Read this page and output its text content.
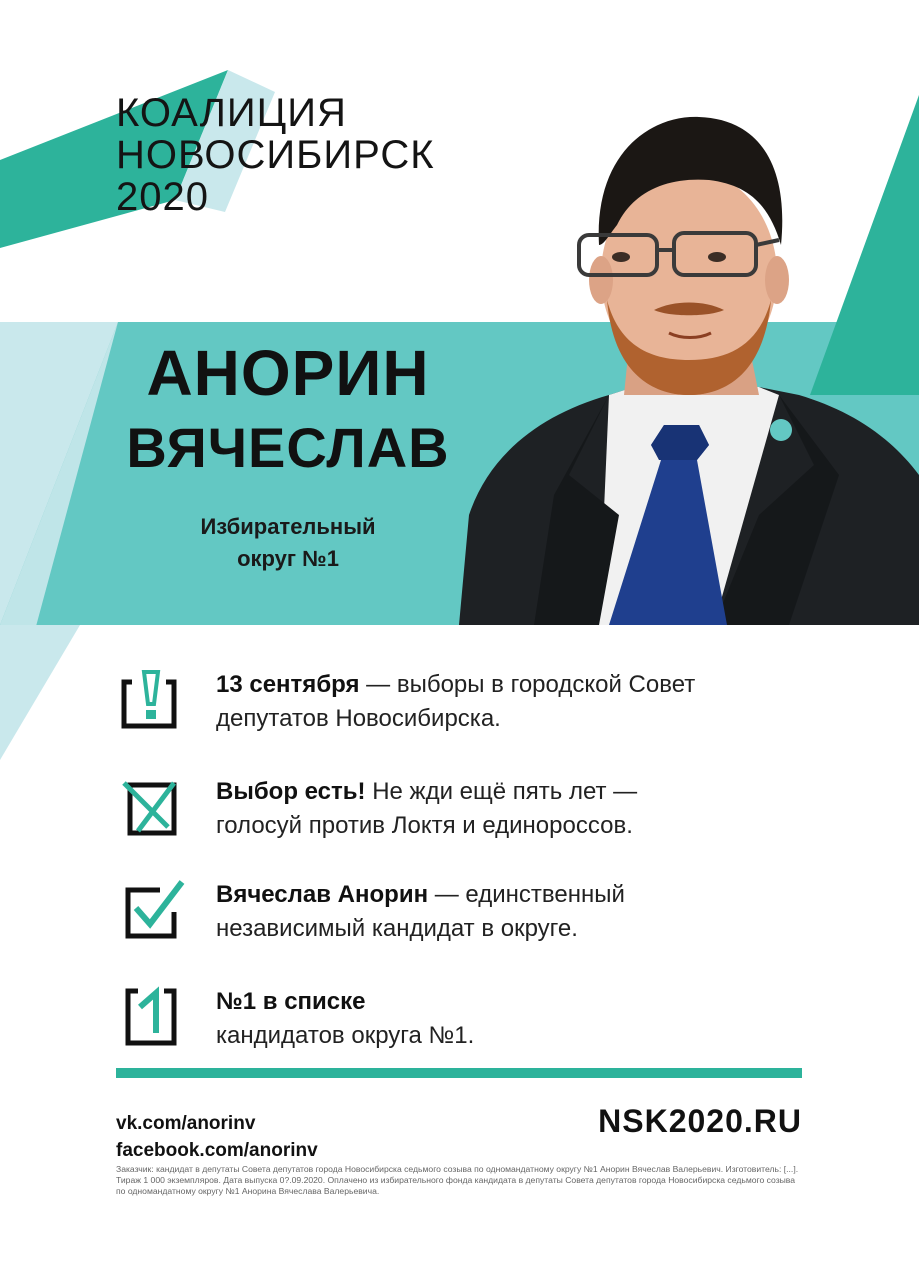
КОАЛИЦИЯ
НОВОСИБИРСК
2020
АНОРИН
ВЯЧЕСЛАВ
Избирательный
округ №1
13 сентября — выборы в городской Совет
депутатов Новосибирска.
Выбор есть! Не жди ещё пять лет —
голосуй против Локтя и единороссов.
Вячеслав Анорин — единственный
независимый кандидат в округе.
№1 в списке
кандидатов округа №1.
vk.com/anorinv
facebook.com/anorinv
NSK2020.RU
Заказчик: кандидат в депутаты Совета депутатов города Новосибирска седьмого созыва по одномандатному округу №1 Анорин Вячеслав Валерьевич. Изготовитель: [...]. Тираж 1 000 экземпляров. Дата выпуска 0?.09.2020. Оплачено из избирательного фонда кандидата в депутаты Совета депутатов города Новосибирска седьмого созыва по одномандатному округу №1 Анорина Вячеслава Валерьевича.
